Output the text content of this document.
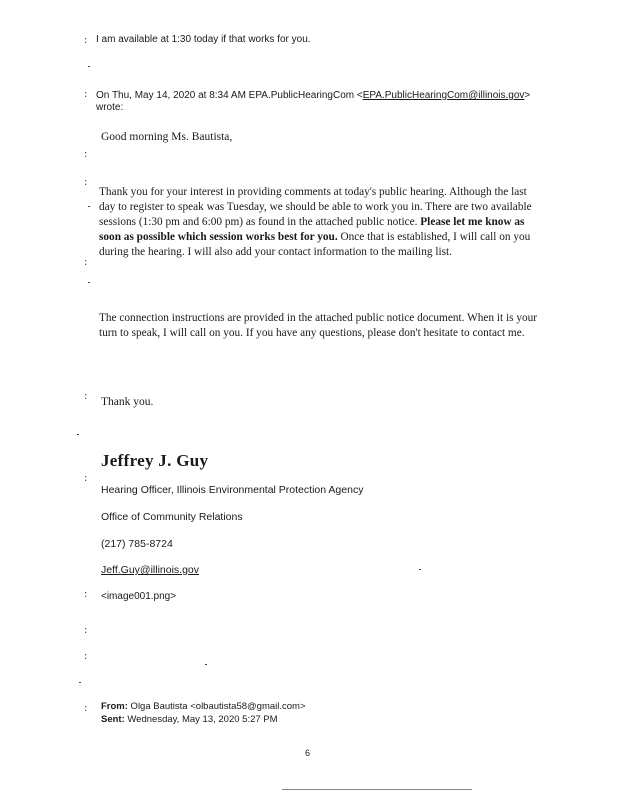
:
:
:
:
:
:
:
:
:
:
:

I am available at 1:30 today if that works for you.

On Thu, May 14, 2020 at 8:34 AM EPA.PublicHearingCom <EPA.PublicHearingCom@illinois.gov> wrote:

Good morning Ms. Bautista,

Thank you for your interest in providing comments at today's public hearing. Although the last day to register to speak was Tuesday, we should be able to work you in. There are two available sessions (1:30 pm and 6:00 pm) as found in the attached public notice. Please let me know as soon as possible which session works best for you. Once that is established, I will call on you during the hearing. I will also add your contact information to the mailing list.

The connection instructions are provided in the attached public notice document. When it is your turn to speak, I will call on you. If you have any questions, please don't hesitate to contact me.

Thank you.

Jeffrey J. Guy
Hearing Officer, Illinois Environmental Protection Agency
Office of Community Relations
(217) 785-8724
Jeff.Guy@illinois.gov
<image001.png>

From: Olga Bautista <olbautista58@gmail.com>

Sent: Wednesday, May 13, 2020 5:27 PM

6
